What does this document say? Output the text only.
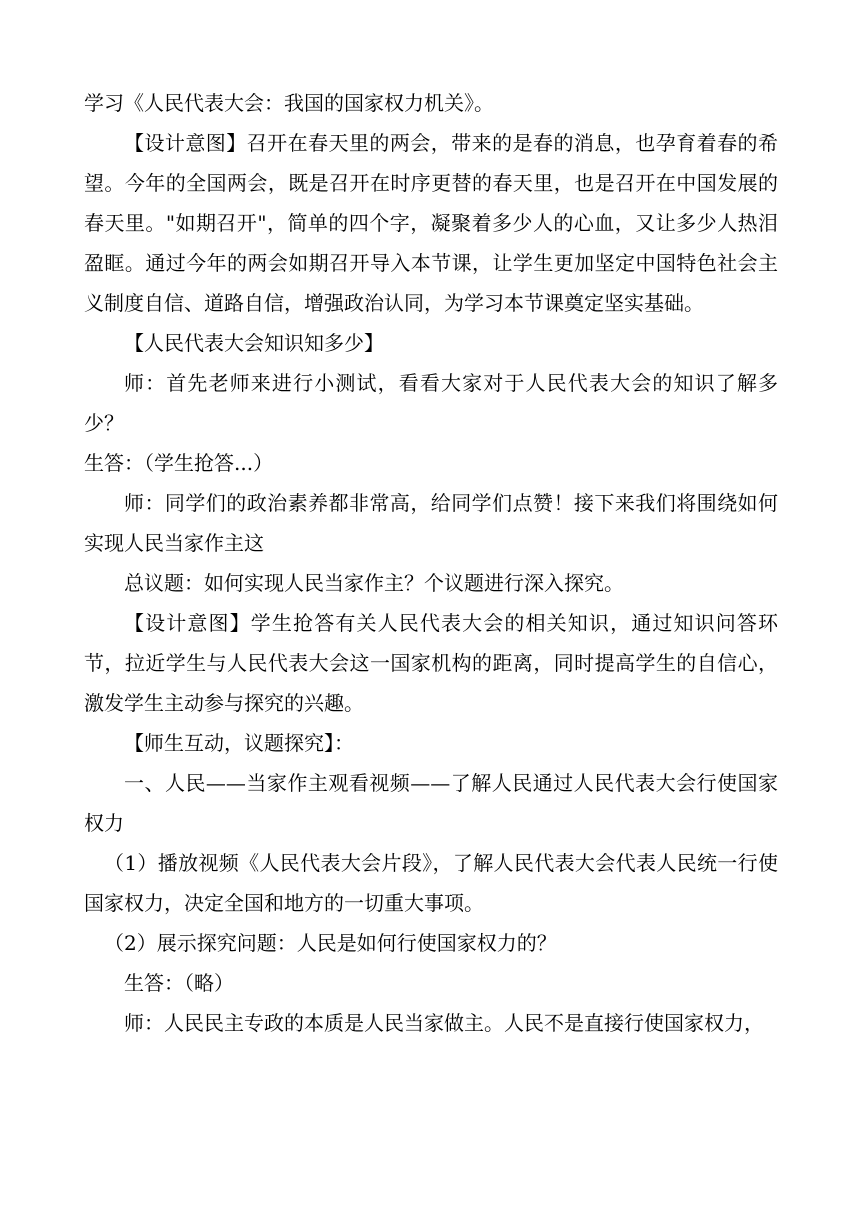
学习《人民代表大会：我国的国家权力机关》。

【设计意图】召开在春天里的两会，带来的是春的消息，也孕育着春的希望。今年的全国两会，既是召开在时序更替的春天里，也是召开在中国发展的春天里。"如期召开"，简单的四个字，凝聚着多少人的心血，又让多少人热泪盈眶。通过今年的两会如期召开导入本节课，让学生更加坚定中国特色社会主义制度自信、道路自信，增强政治认同，为学习本节课奠定坚实基础。

【人民代表大会知识知多少】

师：首先老师来进行小测试，看看大家对于人民代表大会的知识了解多少？

生答：（学生抢答...）

师：同学们的政治素养都非常高，给同学们点赞！接下来我们将围绕如何实现人民当家作主这

总议题：如何实现人民当家作主？个议题进行深入探究。

【设计意图】学生抢答有关人民代表大会的相关知识，通过知识问答环节，拉近学生与人民代表大会这一国家机构的距离，同时提高学生的自信心，激发学生主动参与探究的兴趣。

【师生互动，议题探究】：

一、人民——当家作主观看视频——了解人民通过人民代表大会行使国家权力

（1）播放视频《人民代表大会片段》，了解人民代表大会代表人民统一行使国家权力，决定全国和地方的一切重大事项。

（2）展示探究问题：人民是如何行使国家权力的？

生答：（略）

师：人民民主专政的本质是人民当家做主。人民不是直接行使国家权力，
